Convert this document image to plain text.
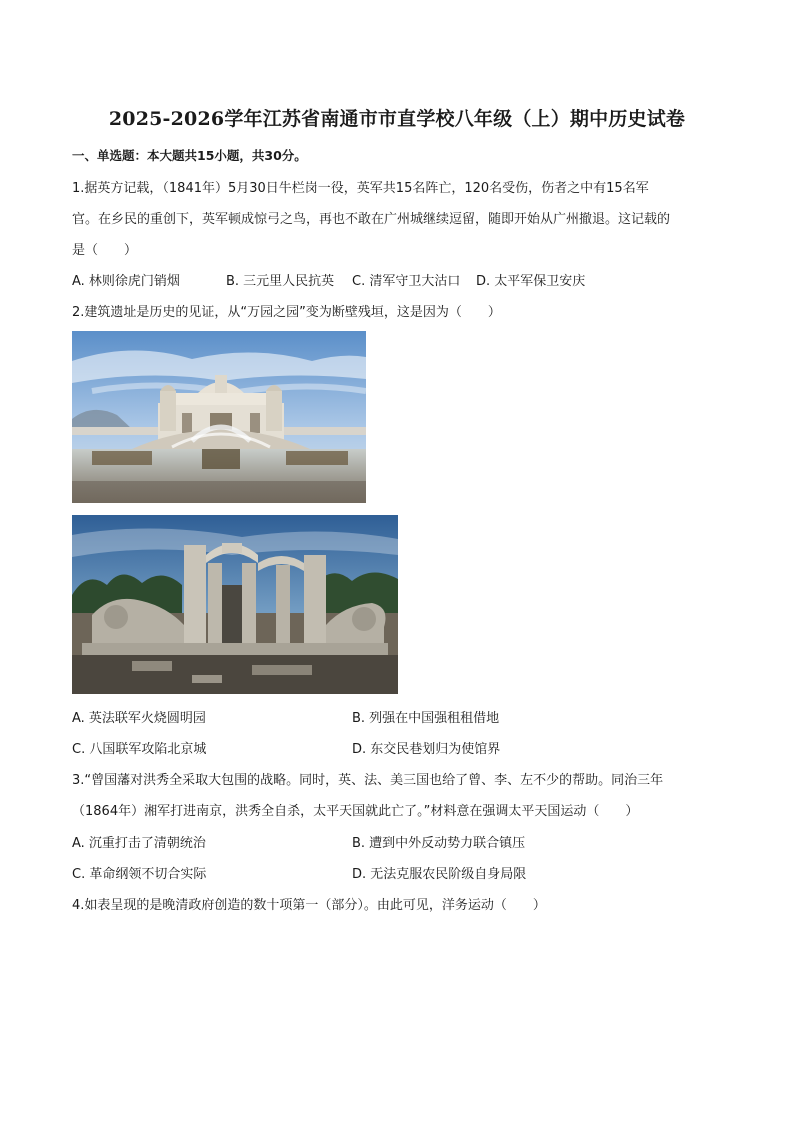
2025-2026学年江苏省南通市市直学校八年级（上）期中历史试卷
一、单选题：本大题共15小题，共30分。
1.据英方记载，（1841年）5月30日牛栏岗一役，英军共15名阵亡，120名受伤，伤者之中有15名军
官。在乡民的重创下，英军顿成惊弓之鸟，再也不敢在广州城继续逗留，随即开始从广州撤退。这记载的
是（　　）
A. 林则徐虎门销烟	B. 三元里人民抗英 C. 清军守卫大沽口 D. 太平军保卫安庆
2.建筑遗址是历史的见证，从“万园之园”变为断壁残垣，这是因为（　　）
A. 英法联军火烧圆明园	B. 列强在中国强租租借地
C. 八国联军攻陷北京城	D. 东交民巷划归为使馆界
3.“曾国藩对洪秀全采取大包围的战略。同时，英、法、美三国也给了曾、李、左不少的帮助。同治三年
（1864年）湘军打进南京，洪秀全自杀，太平天国就此亡了。”材料意在强调太平天国运动（　　）
A. 沉重打击了清朝统治	B. 遭到中外反动势力联合镇压
C. 革命纲领不切合实际	D. 无法克服农民阶级自身局限
4.如表呈现的是晚清政府创造的数十项第一（部分）。由此可见，洋务运动（　　）
